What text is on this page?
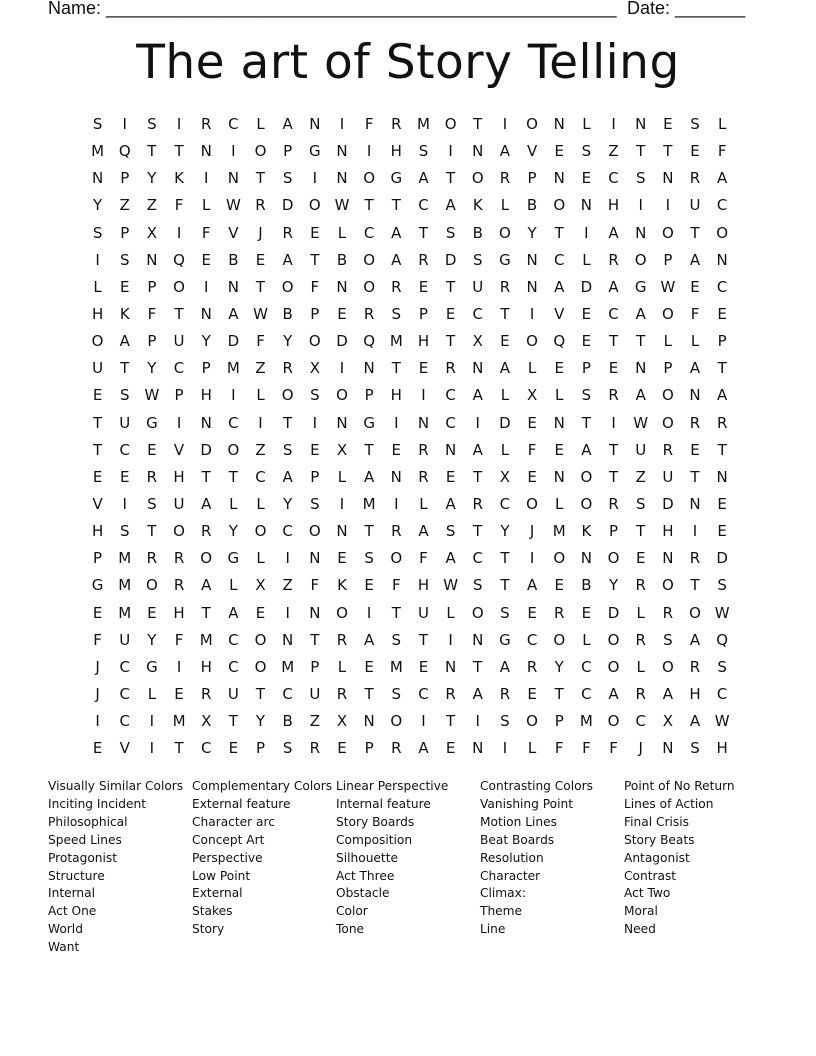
Name: ___________________________________________________ Date: _______
The art of Story Telling
S	I	S	I	R	C	L	A	N	I	F	R	M O	T	I	O	N	L	I	N	E	S	L
M Q	T	T	N	I	O	P	G	N	I	H	S	I	N	A	V	E	S	Z	T	T	E	F
N	P	Y	K	I	N	T	S	I	N	O	G	A	T	O	R	P	N	E	C	S	N	R	A
Y	Z	Z	F	L	W R	D	O W	T	T	C	A	K	L	B	O	N	H	I	I	U	C
S	P	X	I	F	V	J	R	E	L	C	A	T	S	B	O	Y	T	I	A	N	O	T	O
I	S	N	Q	E	B	E	A	T	B	O	A	R	D	S	G	N	C	L	R	O	P	A	N
L	E	P	O	I	N	T	O	F	N	O	R	E	T	U	R	N	A	D	A	G W E	C
H	K	F	T	N	A W B	P	E	R	S	P	E	C	T	I	V	E	C	A	O	F	E
O	A	P	U	Y	D	F	Y	O	D	Q M	H	T	X	E	O	Q	E	T	T	L	L	P
U	T	Y	C	P	M	Z	R	X	I	N	T	E	R	N	A	L	E	P	E	N	P	A	T
E	S W	P	H	I	L	O	S	O	P	H	I	C	A	L	X	L	S	R	A	O	N	A
T	U	G	I	N	C	I	T	I	N	G	I	N	C	I	D	E	N	T	I	W O	R	R
T	C	E	V	D	O	Z	S	E	X	T	E	R	N	A	L	F	E	A	T	U	R	E	T
E	E	R	H	T	T	C	A	P	L	A	N	R	E	T	X	E	N	O	T	Z	U	T	N
V	I	S	U	A	L	L	Y	S	I	M	I	L	A	R	C	O	L	O	R	S	D	N	E
H	S	T	O	R	Y	O	C	O	N	T	R	A	S	T	Y	J	M	K	P	T	H	I	E
P	M	R	R	O	G	L	I	N	E	S	O	F	A	C	T	I	O	N	O	E	N	R	D
G M O	R	A	L	X	Z	F	K	E	F	H W S	T	A	E	B	Y	R	O	T	S
E	M	E	H	T	A	E	I	N	O	I	T	U	L	O	S	E	R	E	D	L	R	O W
F	U	Y	F	M	C	O	N	T	R	A	S	T	I	N	G	C	O	L	O	R	S	A	Q
J	C	G	I	H	C	O M	P	L	E	M	E	N	T	A	R	Y	C	O	L	O	R	S
J	C	L	E	R	U	T	C	U	R	T	S	C	R	A	R	E	T	C	A	R	A	H	C
I	C	I	M	X	T	Y	B	Z	X	N	O	I	T	I	S	O	P	M O	C	X	A W
E	V	I	T	C	E	P	S	R	E	P	R	A	E	N	I	L	F	F	F	J	N	S	H
Visually Similar Colors
Inciting Incident
Philosophical
Speed Lines
Protagonist
Structure
Internal
Act One
World
Want
Complementary Colors
External feature
Character arc
Concept Art
Perspective
Low Point
External
Stakes
Story
Linear Perspective
Internal feature
Story Boards
Composition
Silhouette
Act Three
Obstacle
Color
Tone
Contrasting Colors
Vanishing Point
Motion Lines
Beat Boards
Resolution
Character
Climax:
Theme
Line
Point of No Return
Lines of Action
Final Crisis
Story Beats
Antagonist
Contrast
Act Two
Moral
Need
